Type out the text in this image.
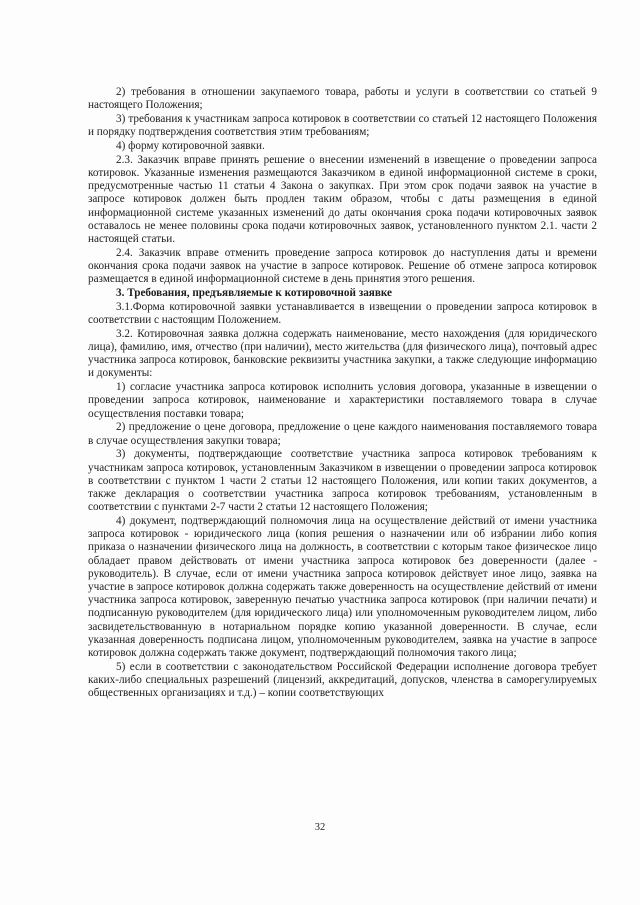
2) требования в отношении закупаемого товара, работы и услуги в соответствии со статьей 9 настоящего Положения;

3) требования к участникам запроса котировок в соответствии со статьей 12 настоящего Положения и порядку подтверждения соответствия этим требованиям;

4) форму котировочной заявки.

2.3. Заказчик вправе принять решение о внесении изменений в извещение о проведении запроса котировок. Указанные изменения размещаются Заказчиком в единой информационной системе в сроки, предусмотренные частью 11 статьи 4 Закона о закупках. При этом срок подачи заявок на участие в запросе котировок должен быть продлен таким образом, чтобы с даты размещения в единой информационной системе указанных изменений до даты окончания срока подачи котировочных заявок оставалось не менее половины срока подачи котировочных заявок, установленного пунктом 2.1. части 2 настоящей статьи.

2.4. Заказчик вправе отменить проведение запроса котировок до наступления даты и времени окончания срока подачи заявок на участие в запросе котировок. Решение об отмене запроса котировок размещается в единой информационной системе в день принятия этого решения.

3. Требования, предъявляемые к котировочной заявке

3.1.Форма котировочной заявки устанавливается в извещении о проведении запроса котировок в соответствии с настоящим Положением.

3.2. Котировочная заявка должна содержать наименование, место нахождения (для юридического лица), фамилию, имя, отчество (при наличии), место жительства (для физического лица), почтовый адрес участника запроса котировок, банковские реквизиты участника закупки, а также следующие информацию и документы:

1) согласие участника запроса котировок исполнить условия договора, указанные в извещении о проведении запроса котировок, наименование и характеристики поставляемого товара в случае осуществления поставки товара;

2) предложение о цене договора, предложение о цене каждого наименования поставляемого товара в случае осуществления закупки товара;

3) документы, подтверждающие соответствие участника запроса котировок требованиям к участникам запроса котировок, установленным Заказчиком в извещении о проведении запроса котировок в соответствии с пунктом 1 части 2 статьи 12 настоящего Положения, или копии таких документов, а также декларация о соответствии участника запроса котировок требованиям, установленным в соответствии с пунктами 2-7 части 2 статьи 12 настоящего Положения;

4) документ, подтверждающий полномочия лица на осуществление действий от имени участника запроса котировок - юридического лица (копия решения о назначении или об избрании либо копия приказа о назначении физического лица на должность, в соответствии с которым такое физическое лицо обладает правом действовать от имени участника запроса котировок без доверенности (далее - руководитель). В случае, если от имени участника запроса котировок действует иное лицо, заявка на участие в запросе котировок должна содержать также доверенность на осуществление действий от имени участника запроса котировок, заверенную печатью участника запроса котировок (при наличии печати) и подписанную руководителем (для юридического лица) или уполномоченным руководителем лицом, либо засвидетельствованную в нотариальном порядке копию указанной доверенности. В случае, если указанная доверенность подписана лицом, уполномоченным руководителем, заявка на участие в запросе котировок должна содержать также документ, подтверждающий полномочия такого лица;

5) если в соответствии с законодательством Российской Федерации исполнение договора требует каких-либо специальных разрешений (лицензий, аккредитаций, допусков, членства в саморегулируемых общественных организациях и т.д.) – копии соответствующих

32
